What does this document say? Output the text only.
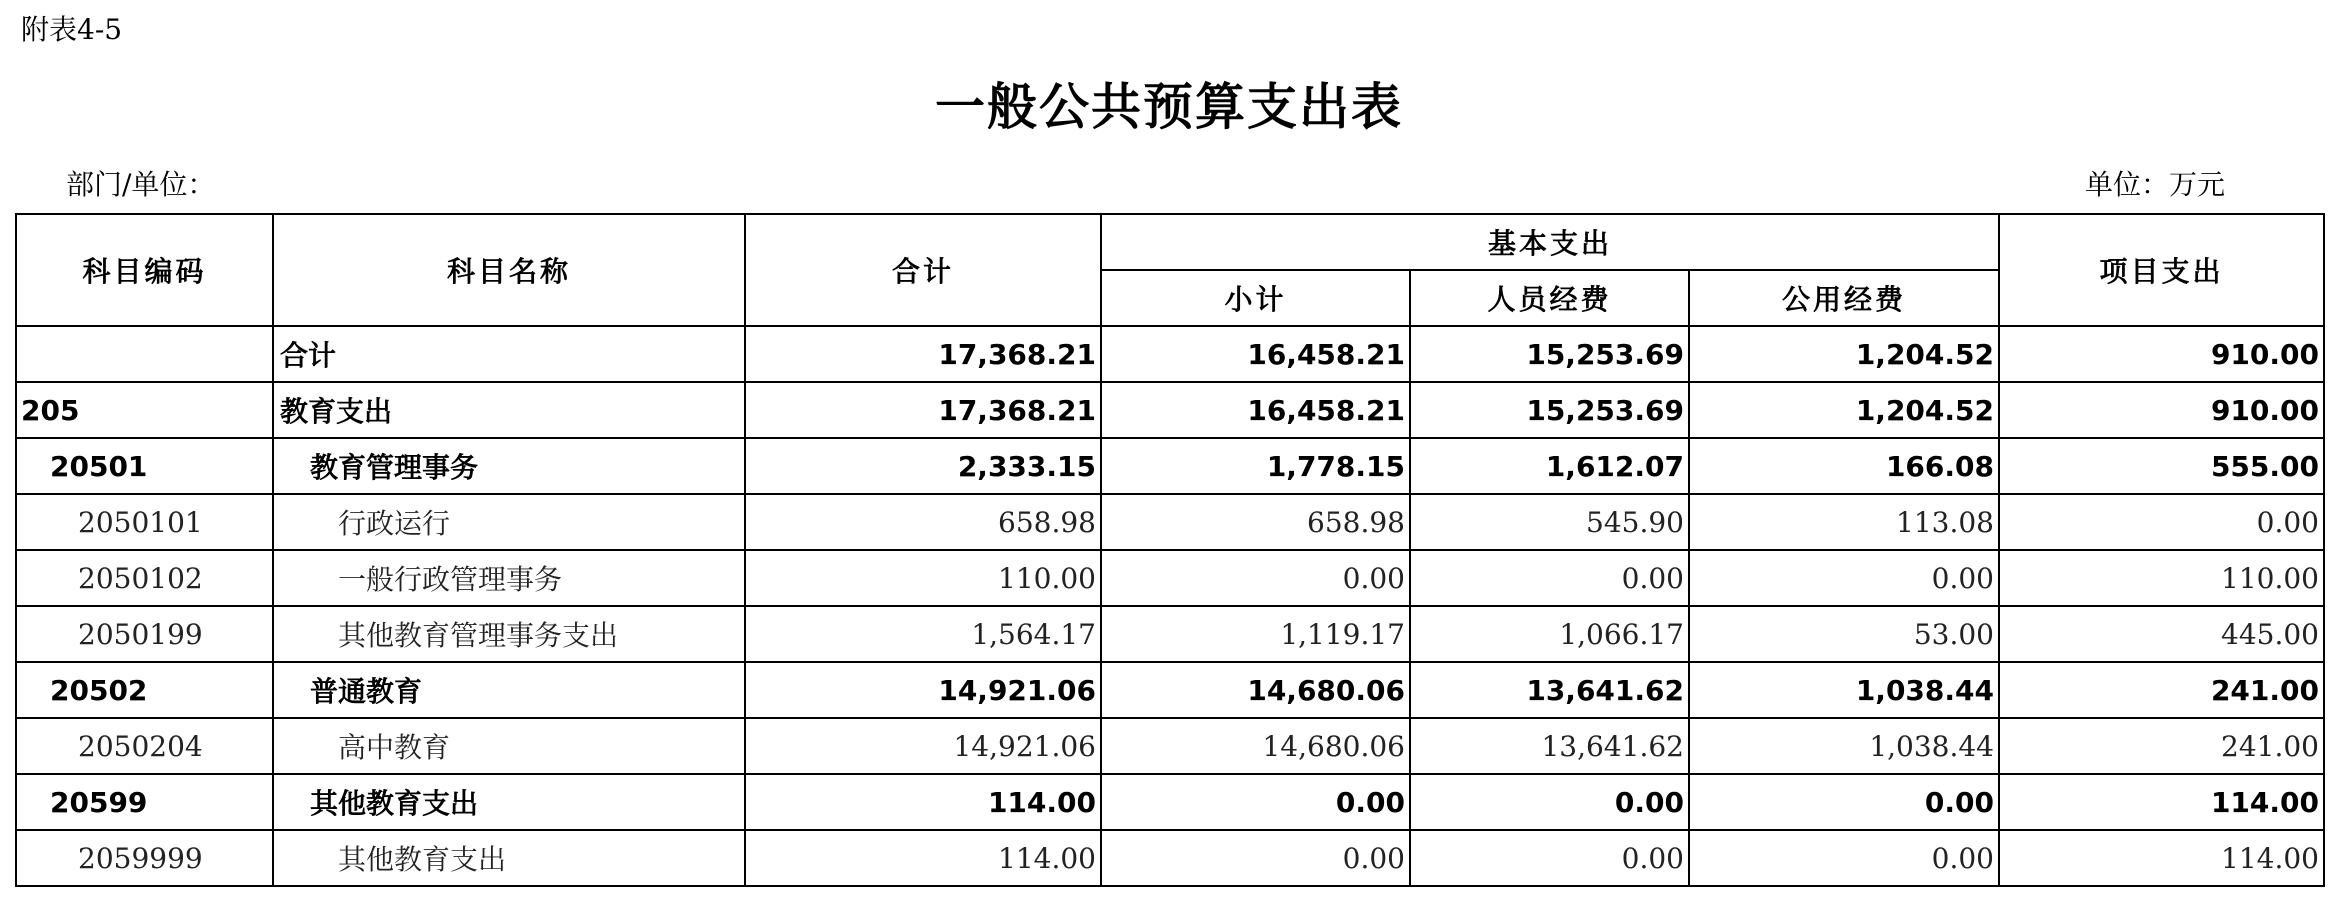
附表4-5
一般公共预算支出表
部门/单位：	单位：万元
科目编码	科目名称	合计	基本支出			项目支出
			小计	人员经费	公用经费	
	合计	17,368.21	16,458.21	15,253.69	1,204.52	910.00
205	教育支出	17,368.21	16,458.21	15,253.69	1,204.52	910.00
20501	教育管理事务	2,333.15	1,778.15	1,612.07	166.08	555.00
2050101	行政运行	658.98	658.98	545.90	113.08	0.00
2050102	一般行政管理事务	110.00	0.00	0.00	0.00	110.00
2050199	其他教育管理事务支出	1,564.17	1,119.17	1,066.17	53.00	445.00
20502	普通教育	14,921.06	14,680.06	13,641.62	1,038.44	241.00
2050204	高中教育	14,921.06	14,680.06	13,641.62	1,038.44	241.00
20599	其他教育支出	114.00	0.00	0.00	0.00	114.00
2059999	其他教育支出	114.00	0.00	0.00	0.00	114.00
